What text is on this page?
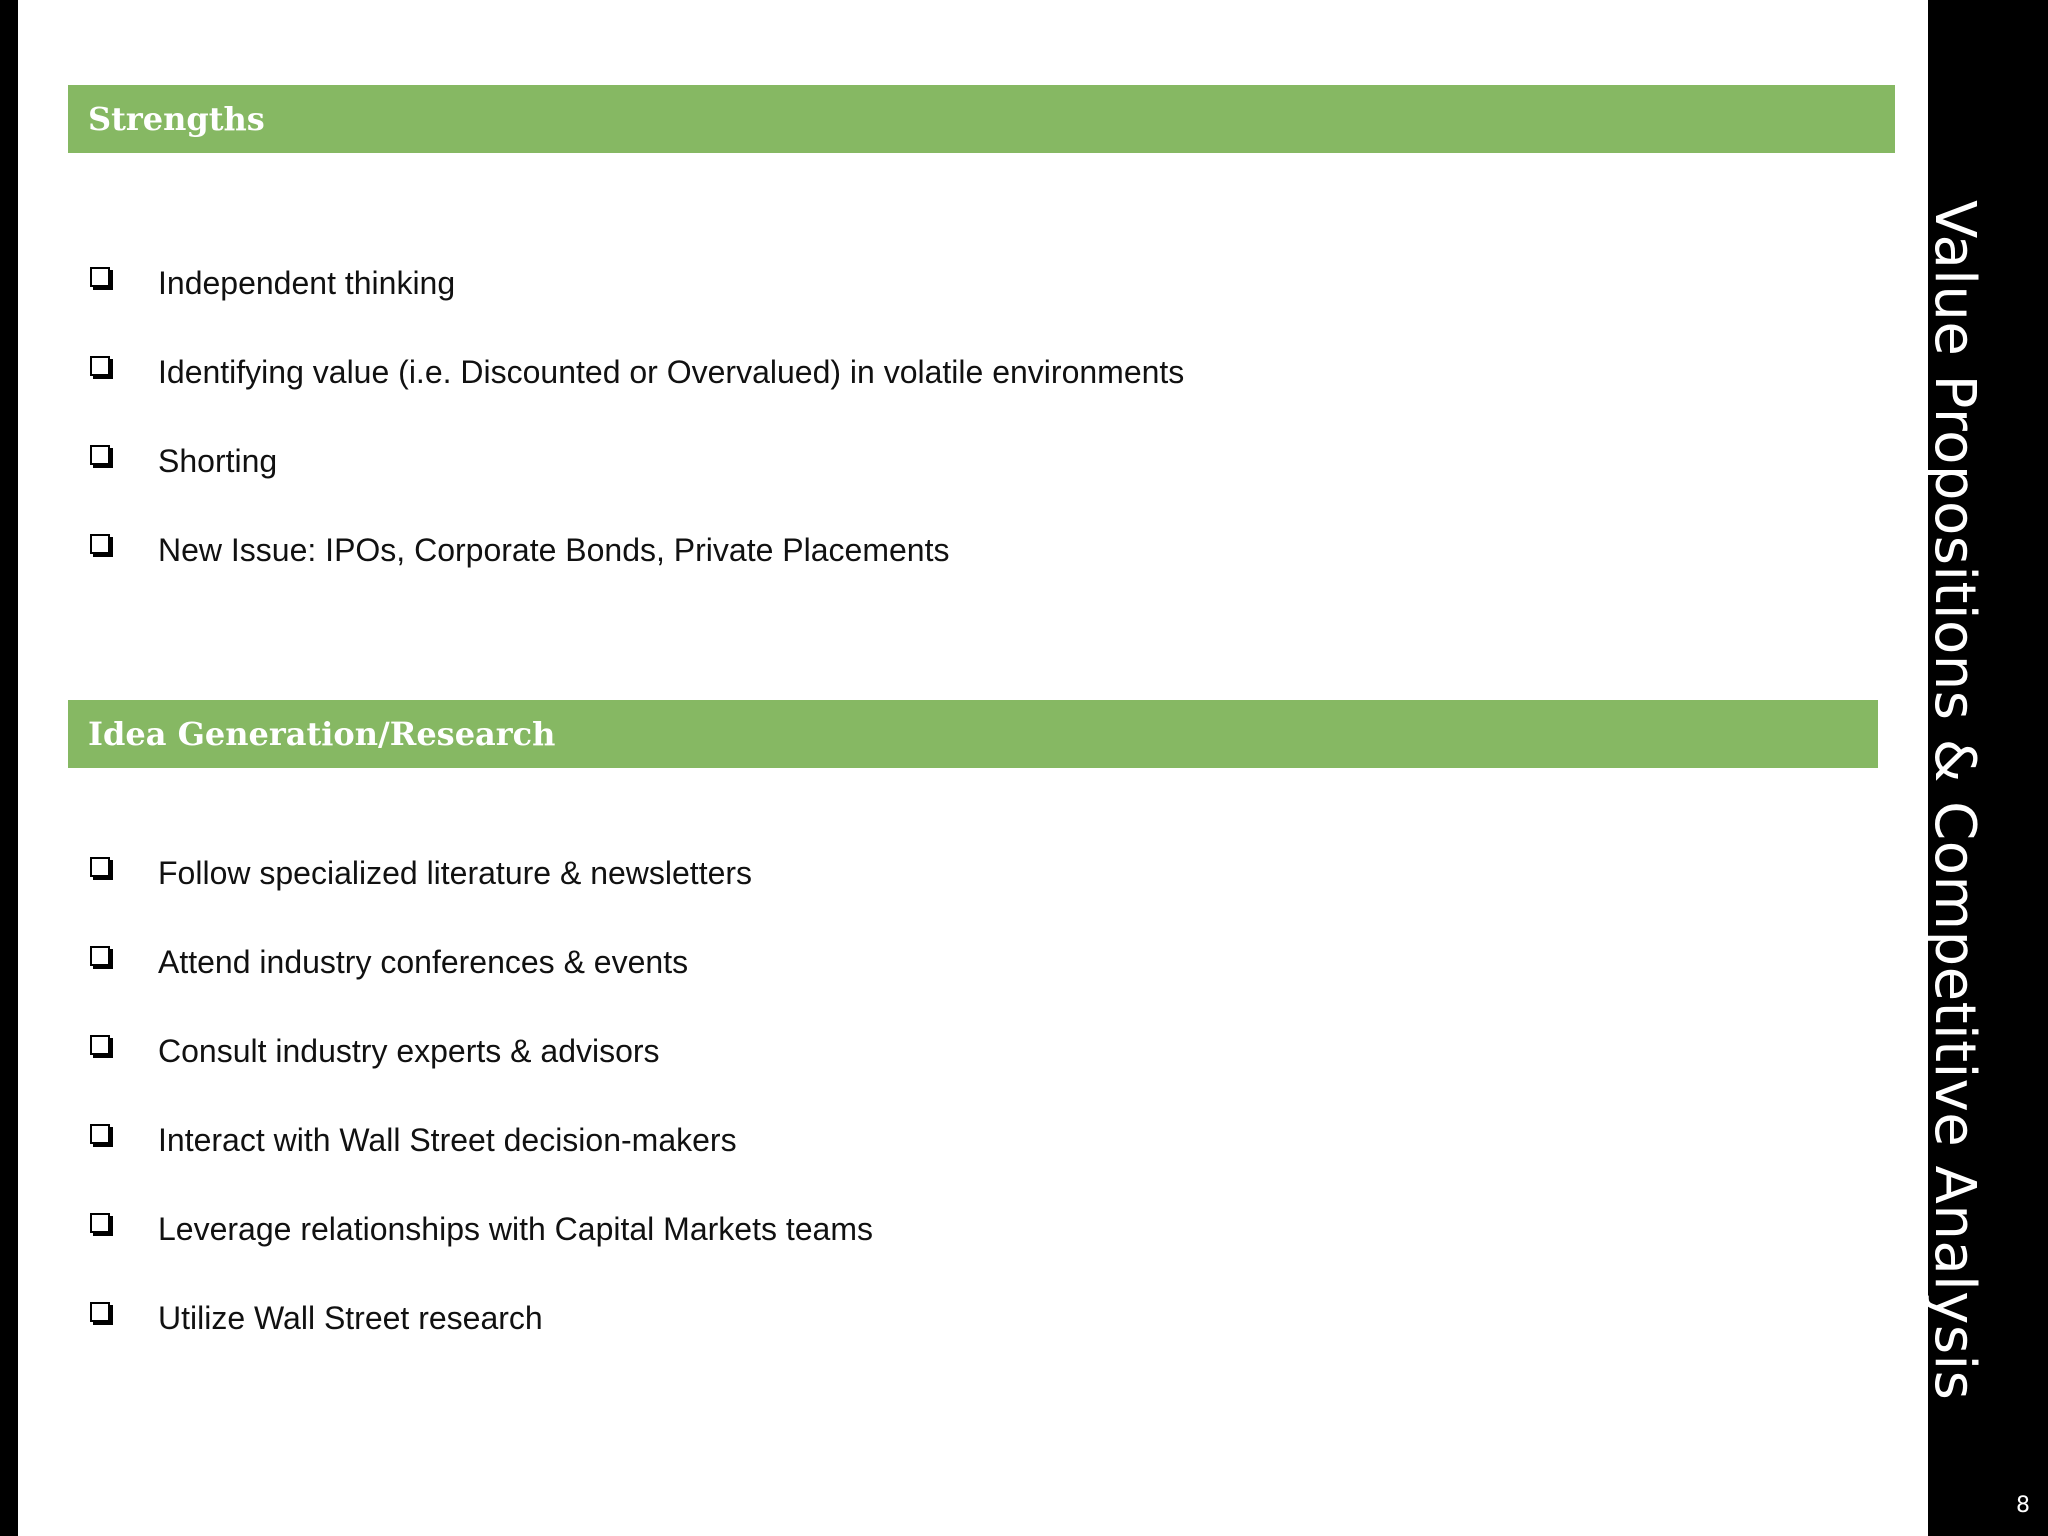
Strengths
Independent thinking
Identifying value (i.e. Discounted or Overvalued) in volatile environments
Shorting
New Issue: IPOs, Corporate Bonds, Private Placements
Idea Generation/Research
Follow specialized literature & newsletters
Attend industry conferences & events
Consult industry experts & advisors
Interact with Wall Street decision-makers
Leverage relationships with Capital Markets teams
Utilize Wall Street research	Value Propositions & Competitive Analysis
8
